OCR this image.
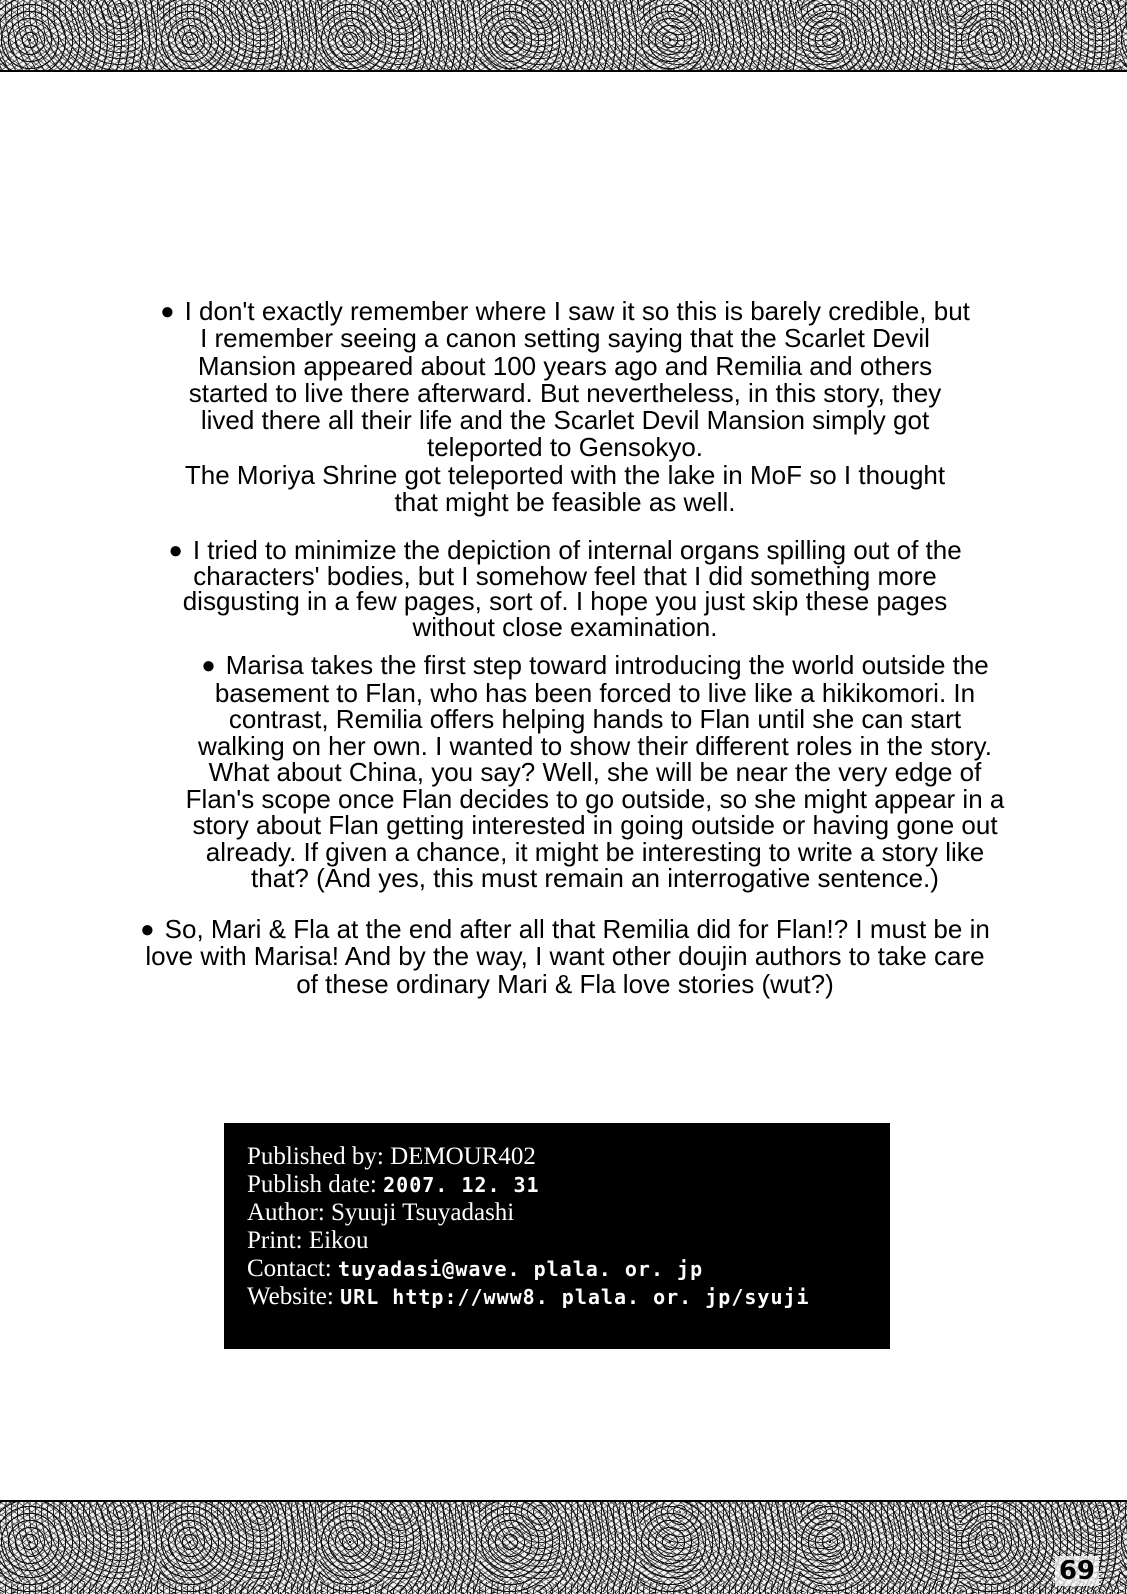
● I don't exactly remember where I saw it so this is barely credible, but
I remember seeing a canon setting saying that the Scarlet Devil
Mansion appeared about 100 years ago and Remilia and others
started to live there afterward. But nevertheless, in this story, they
lived there all their life and the Scarlet Devil Mansion simply got
teleported to Gensokyo.
The Moriya Shrine got teleported with the lake in MoF so I thought
that might be feasible as well.

● I tried to minimize the depiction of internal organs spilling out of the
characters' bodies, but I somehow feel that I did something more
disgusting in a few pages, sort of. I hope you just skip these pages
without close examination.

● Marisa takes the first step toward introducing the world outside the
basement to Flan, who has been forced to live like a hikikomori. In
contrast, Remilia offers helping hands to Flan until she can start
walking on her own. I wanted to show their different roles in the story.
What about China, you say? Well, she will be near the very edge of
Flan's scope once Flan decides to go outside, so she might appear in a
story about Flan getting interested in going outside or having gone out
already. If given a chance, it might be interesting to write a story like
that? (And yes, this must remain an interrogative sentence.)

● So, Mari & Fla at the end after all that Remilia did for Flan!? I must be in
love with Marisa! And by the way, I want other doujin authors to take care
of these ordinary Mari & Fla love stories (wut?)

Published by: DEMOUR402
Publish date: 2007. 12. 31
Author: Syuuji Tsuyadashi
Print: Eikou
Contact: tuyadasi@wave. plala. or. jp
Website: URL http://www8. plala. or. jp/syuji
69
